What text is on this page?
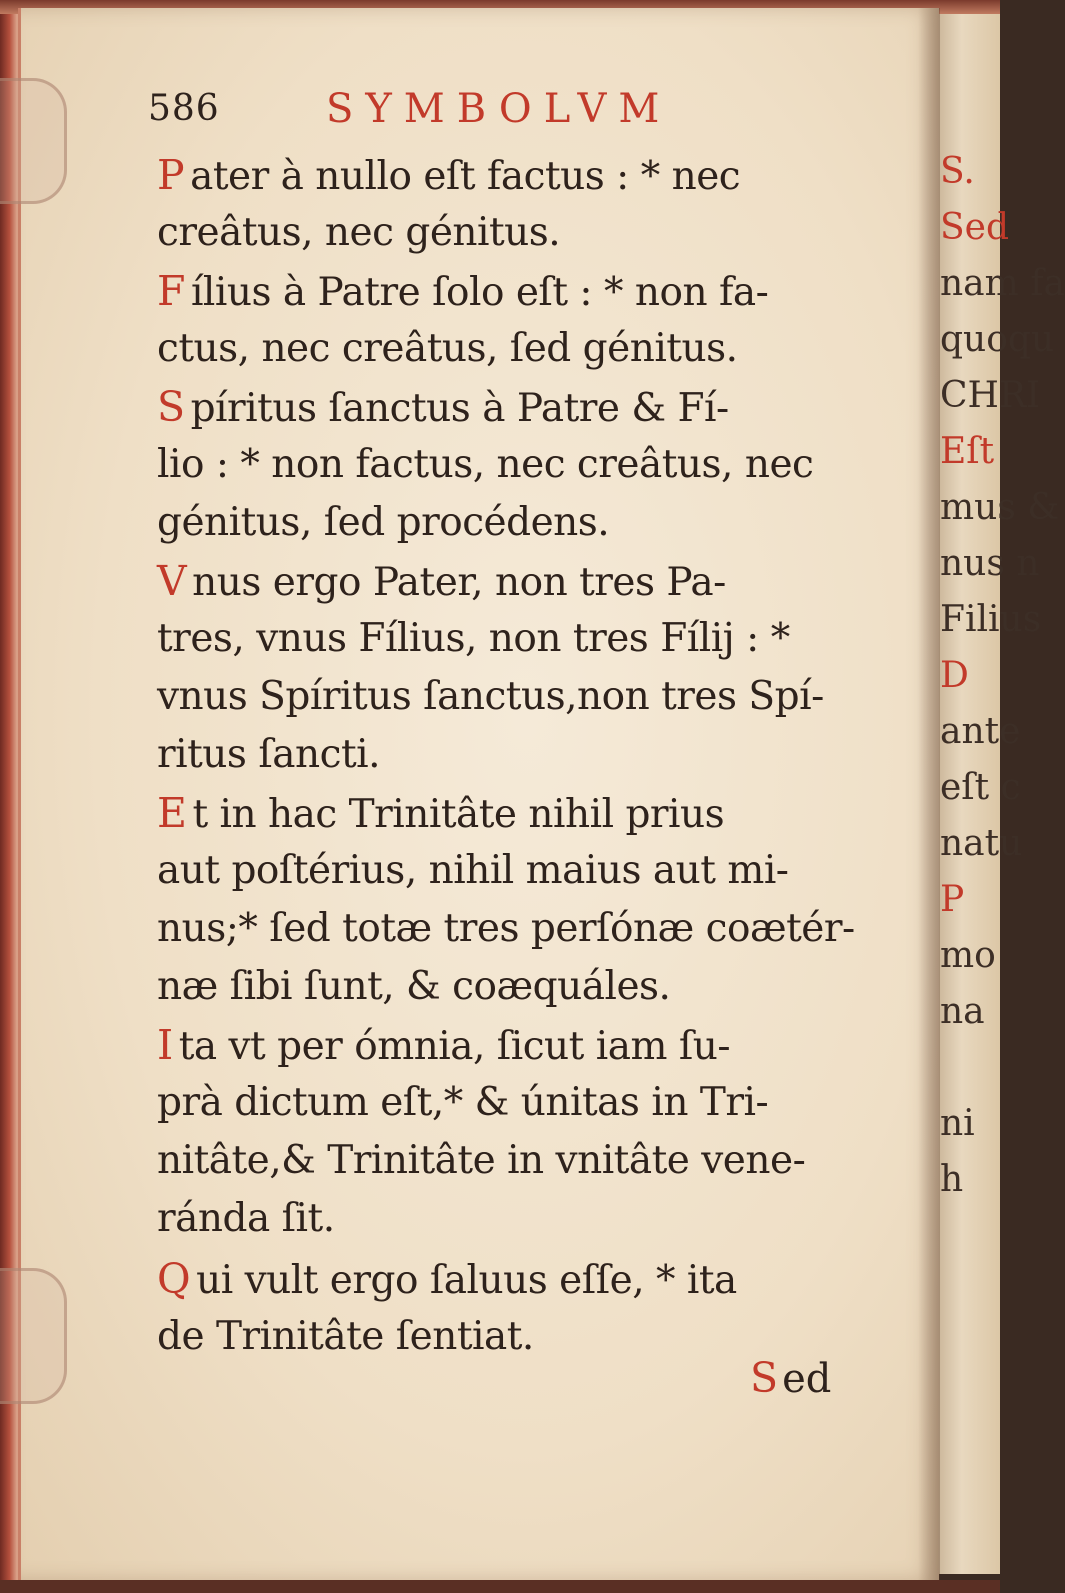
S.
Sed
nam fa
quoqu
CHRI
Eſt
mus &
nus n
Filius
D
ante
eſt c
natu
P
mo
na
ni
h
586	SYMBOLVM
P ater à nullo eſt factus : * nec
creâtus, nec génitus.
F ílius à Patre ſolo eſt : * non fa-
ctus, nec creâtus, ſed génitus.
S píritus ſanctus à Patre & Fí-
lio : * non factus, nec creâtus, nec
génitus, ſed procédens.
V nus ergo Pater, non tres Pa-
tres, vnus Fílius, non tres Fílij : *
vnus Spíritus ſanctus,non tres Spí-
ritus ſancti.
E t in hac Trinitâte nihil prius
aut poſtérius, nihil maius aut mi-
nus;* ſed totæ tres perſónæ coætér-
næ ſibi ſunt, & coæquáles.
I ta vt per ómnia, ſicut iam ſu-
prà dictum eſt,* & únitas in Tri-
nitâte,& Trinitâte in vnitâte vene-
ránda ſit.
Q ui vult ergo ſaluus eſſe, * ita
de Trinitâte ſentiat.
S ed
